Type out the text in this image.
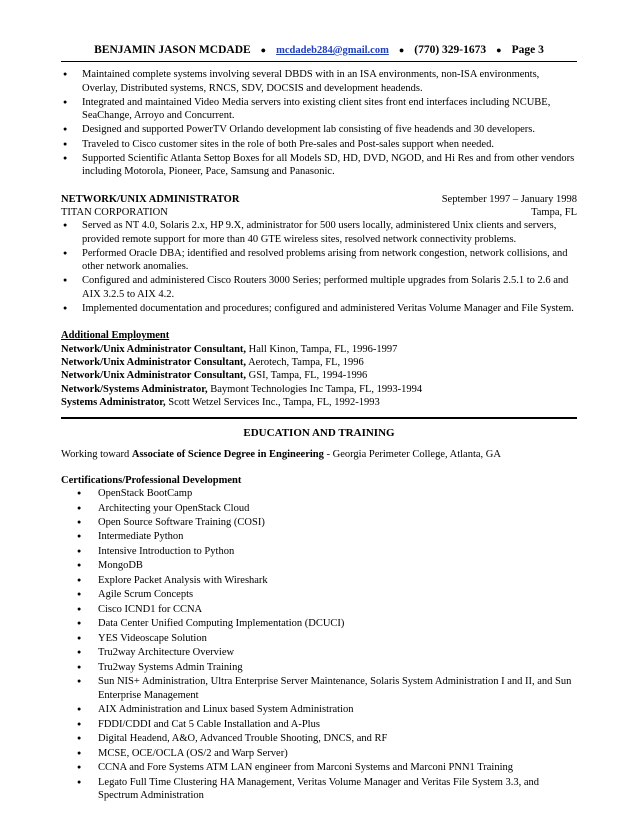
BENJAMIN JASON MCDADE ● mcdadeb284@gmail.com ● (770) 329-1673 ● Page 3
● Maintained complete systems involving several DBDS with in an ISA environments, non-ISA environments, Overlay, Distributed systems, RNCS, SDV, DOCSIS and development headends.
● Integrated and maintained Video Media servers into existing client sites front end interfaces including NCUBE, SeaChange, Arroyo and Concurrent.
● Designed and supported PowerTV Orlando development lab consisting of five headends and 30 developers.
● Traveled to Cisco customer sites in the role of both Pre-sales and Post-sales support when needed.
● Supported Scientific Atlanta Settop Boxes for all Models SD, HD, DVD, NGOD, and Hi Res and from other vendors including Motorola, Pioneer, Pace, Samsung and Panasonic.
NETWORK/UNIX ADMINISTRATOR	September 1997 – January 1998
TITAN CORPORATION	Tampa, FL
● Served as NT 4.0, Solaris 2.x, HP 9.X, administrator for 500 users locally, administered Unix clients and servers, provided remote support for more than 40 GTE wireless sites, resolved network connectivity problems.
● Performed Oracle DBA; identified and resolved problems arising from network congestion, network collisions, and other network anomalies.
● Configured and administered Cisco Routers 3000 Series; performed multiple upgrades from Solaris 2.5.1 to 2.6 and AIX 3.2.5 to AIX 4.2.
● Implemented documentation and procedures; configured and administered Veritas Volume Manager and File System.
Additional Employment
Network/Unix Administrator Consultant, Hall Kinon, Tampa, FL, 1996-1997
Network/Unix Administrator Consultant, Aerotech, Tampa, FL, 1996
Network/Unix Administrator Consultant, GSI, Tampa, FL, 1994-1996
Network/Systems Administrator, Baymont Technologies Inc Tampa, FL, 1993-1994
Systems Administrator, Scott Wetzel Services Inc., Tampa, FL, 1992-1993
EDUCATION AND TRAINING
Working toward Associate of Science Degree in Engineering - Georgia Perimeter College, Atlanta, GA
Certifications/Professional Development
● OpenStack BootCamp
● Architecting your OpenStack Cloud
● Open Source Software Training (COSI)
● Intermediate Python
● Intensive Introduction to Python
● MongoDB
● Explore Packet Analysis with Wireshark
● Agile Scrum Concepts
● Cisco ICND1 for CCNA
● Data Center Unified Computing Implementation (DCUCI)
● YES Videoscape Solution
● Tru2way Architecture Overview
● Tru2way Systems Admin Training
● Sun NIS+ Administration, Ultra Enterprise Server Maintenance, Solaris System Administration I and II, and Sun Enterprise Management
● AIX Administration and Linux based System Administration
● FDDI/CDDI and Cat 5 Cable Installation and A-Plus
● Digital Headend, A&O, Advanced Trouble Shooting, DNCS, and RF
● MCSE, OCE/OCLA (OS/2 and Warp Server)
● CCNA and Fore Systems ATM LAN engineer from Marconi Systems and Marconi PNN1 Training
● Legato Full Time Clustering HA Management, Veritas Volume Manager and Veritas File System 3.3, and Spectrum Administration
